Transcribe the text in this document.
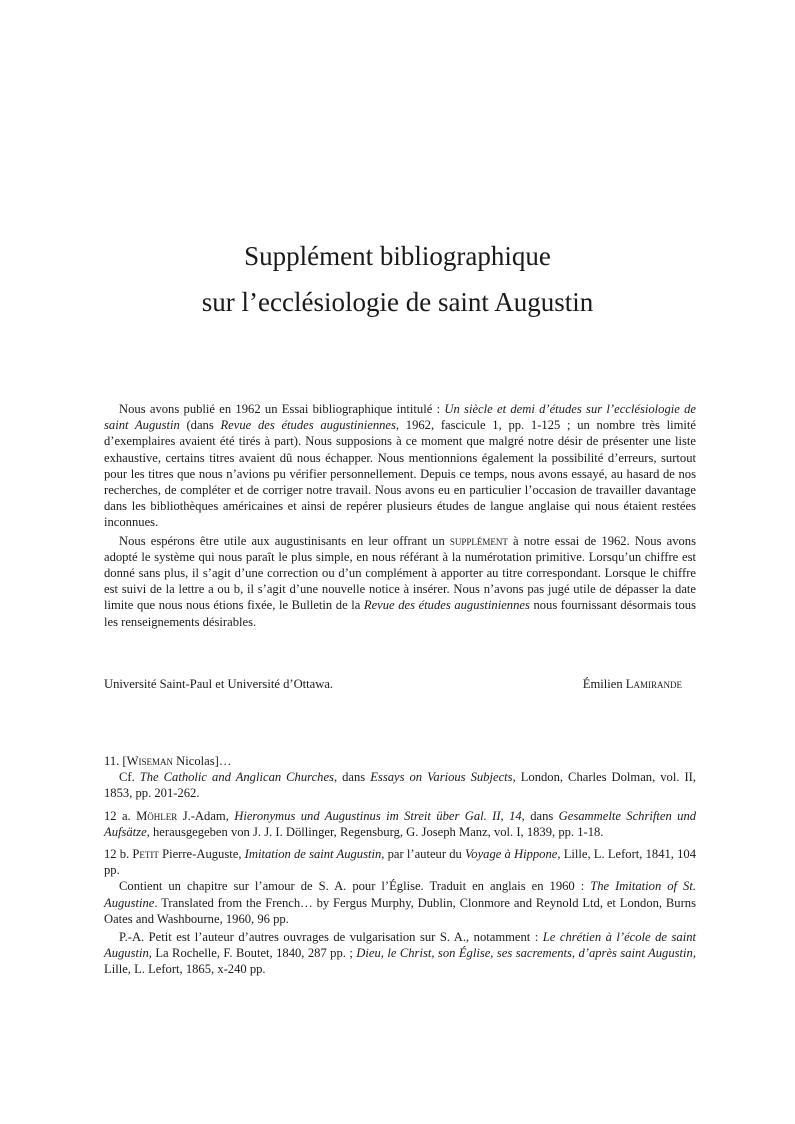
Supplément bibliographique
sur l’ecclésiologie de saint Augustin

Nous avons publié en 1962 un Essai bibliographique intitulé : Un siècle et demi d’études sur l’ecclésiologie de saint Augustin (dans Revue des études augustiniennes, 1962, fascicule 1, pp. 1-125 ; un nombre très limité d’exemplaires avaient été tirés à part). Nous supposions à ce moment que malgré notre désir de présenter une liste exhaustive, certains titres avaient dû nous échapper. Nous mentionnions également la possibilité d’erreurs, surtout pour les titres que nous n’avions pu vérifier personnellement. Depuis ce temps, nous avons essayé, au hasard de nos recherches, de compléter et de corriger notre travail. Nous avons eu en particulier l’occasion de travailler davantage dans les bibliothèques américaines et ainsi de repérer plusieurs études de langue anglaise qui nous étaient restées inconnues.

Nous espérons être utile aux augustinisants en leur offrant un supplément à notre essai de 1962. Nous avons adopté le système qui nous paraît le plus simple, en nous référant à la numérotation primitive. Lorsqu’un chiffre est donné sans plus, il s’agit d’une correction ou d’un complément à apporter au titre correspondant. Lorsque le chiffre est suivi de la lettre a ou b, il s’agit d’une nouvelle notice à insérer. Nous n’avons pas jugé utile de dépasser la date limite que nous nous étions fixée, le Bulletin de la Revue des études augustiniennes nous fournissant désormais tous les renseignements désirables.

Université Saint-Paul et Université d’Ottawa.	Émilien Lamirande
11. [Wiseman Nicolas]…
Cf. The Catholic and Anglican Churches, dans Essays on Various Subjects, London, Charles Dolman, vol. II, 1853, pp. 201-262.
12 a. Möhler J.-Adam, Hieronymus und Augustinus im Streit über Gal. II, 14, dans Gesammelte Schriften und Aufsätze, herausgegeben von J. J. I. Döllinger, Regensburg, G. Joseph Manz, vol. I, 1839, pp. 1-18.
12 b. Petit Pierre-Auguste, Imitation de saint Augustin, par l’auteur du Voyage à Hippone, Lille, L. Lefort, 1841, 104 pp.
Contient un chapitre sur l’amour de S. A. pour l’Église. Traduit en anglais en 1960 : The Imitation of St. Augustine. Translated from the French… by Fergus Murphy, Dublin, Clonmore and Reynold Ltd, et London, Burns Oates and Washbourne, 1960, 96 pp.
P.-A. Petit est l’auteur d’autres ouvrages de vulgarisation sur S. A., notamment : Le chrétien à l’école de saint Augustin, La Rochelle, F. Boutet, 1840, 287 pp. ; Dieu, le Christ, son Église, ses sacrements, d’après saint Augustin, Lille, L. Lefort, 1865, x-240 pp.
